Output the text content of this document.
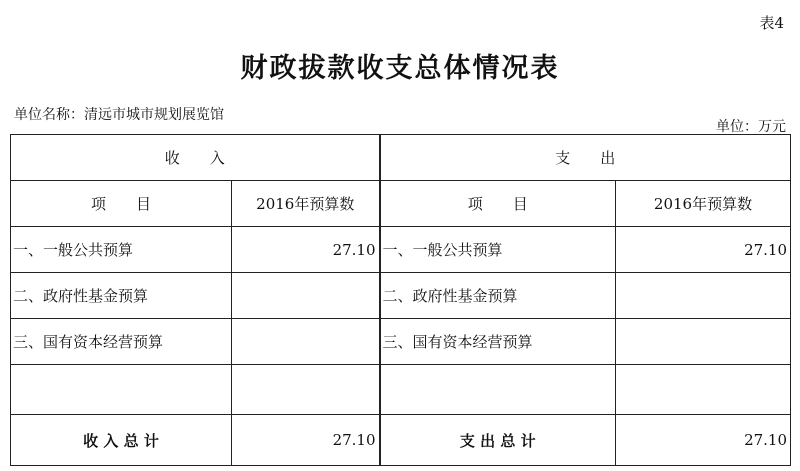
表4
财政拔款收支总体情况表
单位名称：清远市城市规划展览馆
单位：万元
收　　入		支　　出	
项　　目	2016年预算数	项　　目	2016年预算数
一、一般公共预算	27.10	一、一般公共预算	27.10
二、政府性基金预算		二、政府性基金预算	
三、国有资本经营预算		三、国有资本经营预算	

收 入 总 计	27.10	支 出 总 计	27.10
